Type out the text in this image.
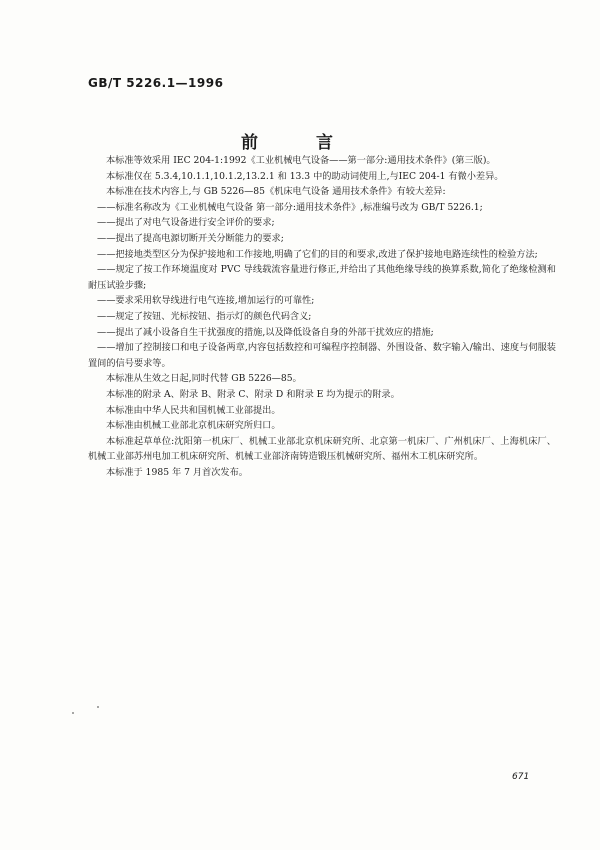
GB/T 5226.1—1996
前 言

本标准等效采用 IEC 204-1:1992《工业机械电气设备——第一部分:通用技术条件》(第三版)。

本标准仅在 5.3.4,10.1.1,10.1.2,13.2.1 和 13.3 中的助动词使用上,与IEC 204-1 有微小差异。

本标准在技术内容上,与 GB 5226—85《机床电气设备 通用技术条件》有较大差异:

——标准名称改为《工业机械电气设备 第一部分:通用技术条件》,标准编号改为 GB/T 5226.1;

——提出了对电气设备进行安全评价的要求;

——提出了提高电源切断开关分断能力的要求;

——把接地类型区分为保护接地和工作接地,明确了它们的目的和要求,改进了保护接地电路连续性的检验方法;

——规定了按工作环境温度对 PVC 导线载流容量进行修正,并给出了其他绝缘导线的换算系数,简化了绝缘检测和耐压试验步骤;

——要求采用软导线进行电气连接,增加运行的可靠性;

——规定了按钮、光标按钮、指示灯的颜色代码含义;

——提出了减小设备自生干扰强度的措施,以及降低设备自身的外部干扰效应的措施;

——增加了控制接口和电子设备两章,内容包括数控和可编程序控制器、外围设备、数字输入/输出、速度与伺服装置间的信号要求等。

本标准从生效之日起,同时代替 GB 5226—85。

本标准的附录 A、附录 B、附录 C、附录 D 和附录 E 均为提示的附录。

本标准由中华人民共和国机械工业部提出。

本标准由机械工业部北京机床研究所归口。

本标准起草单位:沈阳第一机床厂、机械工业部北京机床研究所、北京第一机床厂、广州机床厂、上海机床厂、机械工业部苏州电加工机床研究所、机械工业部济南铸造锻压机械研究所、福州木工机床研究所。

本标准于 1985 年 7 月首次发布。

671
